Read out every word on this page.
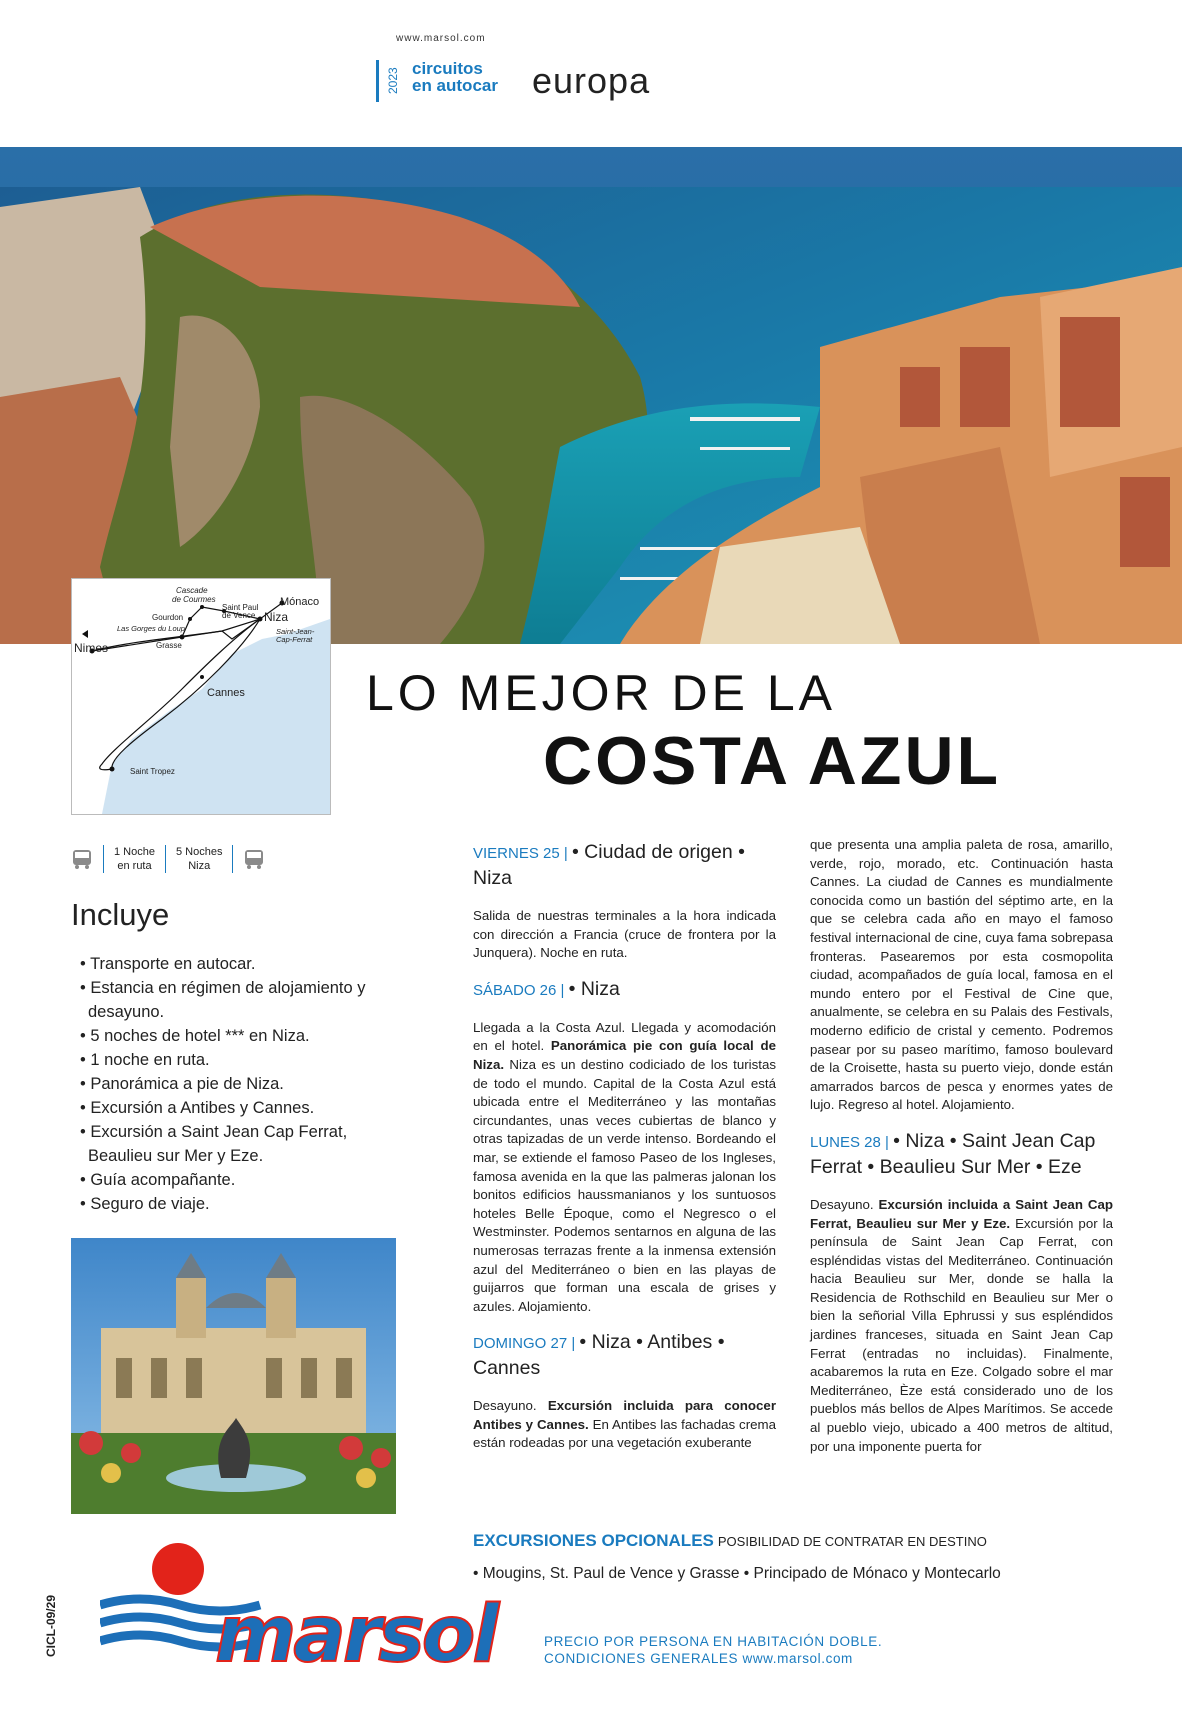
www.marsol.com
2023 circuitos
en autocar europa
Cascade
de Courmes
Gourdon
Saint Paul
de Vence
Las Gorges du Loup
Grasse
Nimes
Mónaco
Niza
Saint-Jean-
Cap-Ferrat
Cannes
Saint Tropez
LO MEJOR DE LA
COSTA AZUL
1 Noche
en ruta
5 Noches
Niza
Incluye
• Transporte en autocar.
• Estancia en régimen de alojamiento y desayuno.
• 5 noches de hotel *** en Niza.
• 1 noche en ruta.
• Panorámica a pie de Niza.
• Excursión a Antibes y Cannes.
• Excursión a Saint Jean Cap Ferrat, Beaulieu sur Mer y Eze.
• Guía acompañante.
• Seguro de viaje.
VIERNES 25 | • Ciudad de origen • Niza

Salida de nuestras terminales a la hora indicada con dirección a Francia (cruce de frontera por la Junquera). Noche en ruta.

SÁBADO 26 | • Niza

Llegada a la Costa Azul. Llegada y acomodación en el hotel. Panorámica pie con guía local de Niza. Niza es un destino codiciado de los turistas de todo el mundo. Capital de la Costa Azul está ubicada entre el Mediterráneo y las montañas circundantes, unas veces cubiertas de blanco y otras tapizadas de un verde intenso. Bordeando el mar, se extiende el famoso Paseo de los Ingleses, famosa avenida en la que las palmeras jalonan los bonitos edificios haussmanianos y los suntuosos hoteles Belle Époque, como el Negresco o el Westminster. Podemos sentarnos en alguna de las numerosas terrazas frente a la inmensa extensión azul del Mediterráneo o bien en las playas de guijarros que forman una escala de grises y azules. Alojamiento.

DOMINGO 27 | • Niza • Antibes • Cannes

Desayuno. Excursión incluida para conocer Antibes y Cannes. En Antibes las fachadas crema están rodeadas por una vegetación exuberante

que presenta una amplia paleta de rosa, amarillo, verde, rojo, morado, etc. Continuación hasta Cannes. La ciudad de Cannes es mundialmente conocida como un bastión del séptimo arte, en la que se celebra cada año en mayo el famoso festival internacional de cine, cuya fama sobrepasa fronteras. Pasearemos por esta cosmopolita ciudad, acompañados de guía local, famosa en el mundo entero por el Festival de Cine que, anualmente, se celebra en su Palais des Festivals, moderno edificio de cristal y cemento. Podremos pasear por su paseo marítimo, famoso boulevard de la Croisette, hasta su puerto viejo, donde están amarrados barcos de pesca y enormes yates de lujo. Regreso al hotel. Alojamiento.

LUNES 28 | • Niza • Saint Jean Cap Ferrat • Beaulieu Sur Mer • Eze

Desayuno. Excursión incluida a Saint Jean Cap Ferrat, Beaulieu sur Mer y Eze. Excursión por la península de Saint Jean Cap Ferrat, con espléndidas vistas del Mediterráneo. Continuación hacia Beaulieu sur Mer, donde se halla la Residencia de Rothschild en Beaulieu sur Mer o bien la señorial Villa Ephrussi y sus espléndidos jardines franceses, situada en Saint Jean Cap Ferrat (entradas no incluidas). Finalmente, acabaremos la ruta en Eze. Colgado sobre el mar Mediterráneo, Èze está considerado uno de los pueblos más bellos de Alpes Marítimos. Se accede al pueblo viejo, ubicado a 400 metros de altitud, por una imponente puerta for

EXCURSIONES OPCIONALES POSIBILIDAD DE CONTRATAR EN DESTINO
• Mougins, St. Paul de Vence y Grasse • Principado de Mónaco y Montecarlo
CICL-09/29 marsol	PRECIO POR PERSONA EN HABITACIÓN DOBLE.
CONDICIONES GENERALES www.marsol.com
